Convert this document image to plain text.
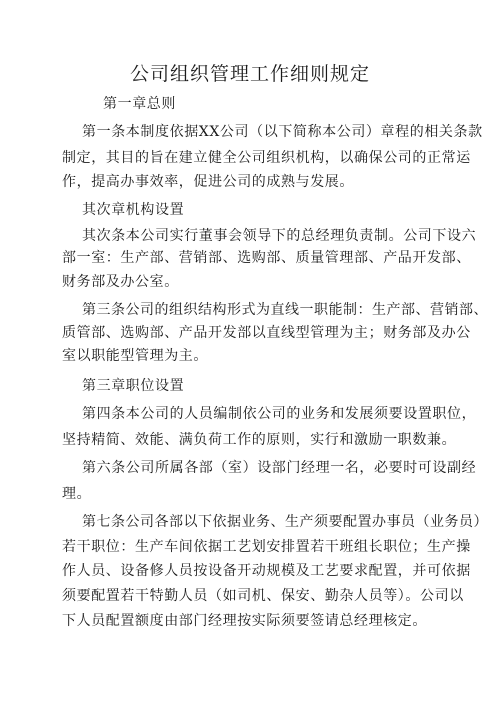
公司组织管理工作细则规定
第一章总则
第一条本制度依据XX公司（以下简称本公司）章程的相关条款
制定，其目的旨在建立健全公司组织机构，以确保公司的正常运
作，提高办事效率，促进公司的成熟与发展。
其次章机构设置
其次条本公司实行董事会领导下的总经理负责制。公司下设六
部一室：生产部、营销部、选购部、质量管理部、产品开发部、
财务部及办公室。
第三条公司的组织结构形式为直线一职能制：生产部、营销部、
质管部、选购部、产品开发部以直线型管理为主；财务部及办公
室以职能型管理为主。
第三章职位设置
第四条本公司的人员编制依公司的业务和发展须要设置职位，
坚持精简、效能、满负荷工作的原则，实行和激励一职数兼。
第六条公司所属各部（室）设部门经理一名，必要时可设副经
理。
第七条公司各部以下依据业务、生产须要配置办事员（业务员）
若干职位：生产车间依据工艺划安排置若干班组长职位；生产操
作人员、设备修人员按设备开动规模及工艺要求配置，并可依据
须要配置若干特勤人员（如司机、保安、勤杂人员等）。公司以
下人员配置额度由部门经理按实际须要签请总经理核定。
